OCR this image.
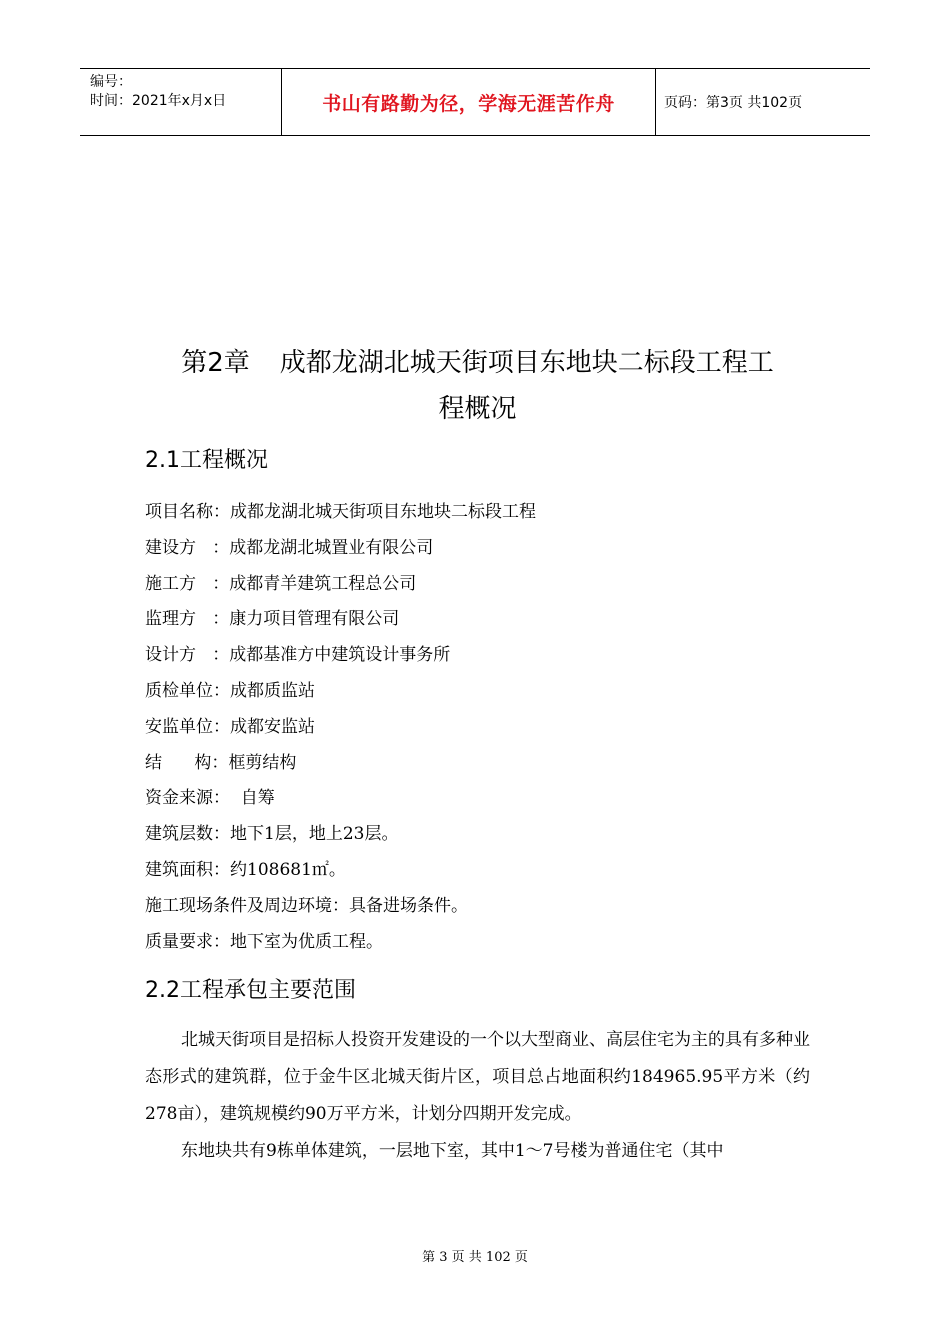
编号：
时间：2021年x月x日	书山有路勤为径，学海无涯苦作舟	页码：第3页 共102页
第2章 成都龙湖北城天街项目东地块二标段工程工
程概况
2.1工程概况
项目名称：成都龙湖北城天街项目东地块二标段工程
建设方   ：成都龙湖北城置业有限公司
施工方   ：成都青羊建筑工程总公司
监理方   ：康力项目管理有限公司
设计方   ：成都基准方中建筑设计事务所
质检单位：成都质监站
安监单位：成都安监站
结      构：框剪结构
资金来源：  自筹
建筑层数：地下1层，地上23层。
建筑面积：约108681㎡。
施工现场条件及周边环境：具备进场条件。
质量要求：地下室为优质工程。
2.2工程承包主要范围

北城天街项目是招标人投资开发建设的一个以大型商业、高层住宅为主的具有多种业态形式的建筑群，位于金牛区北城天街片区，项目总占地面积约184965.95平方米（约278亩），建筑规模约90万平方米，计划分四期开发完成。

东地块共有9栋单体建筑，一层地下室，其中1～7号楼为普通住宅（其中

第 3 页 共 102 页
